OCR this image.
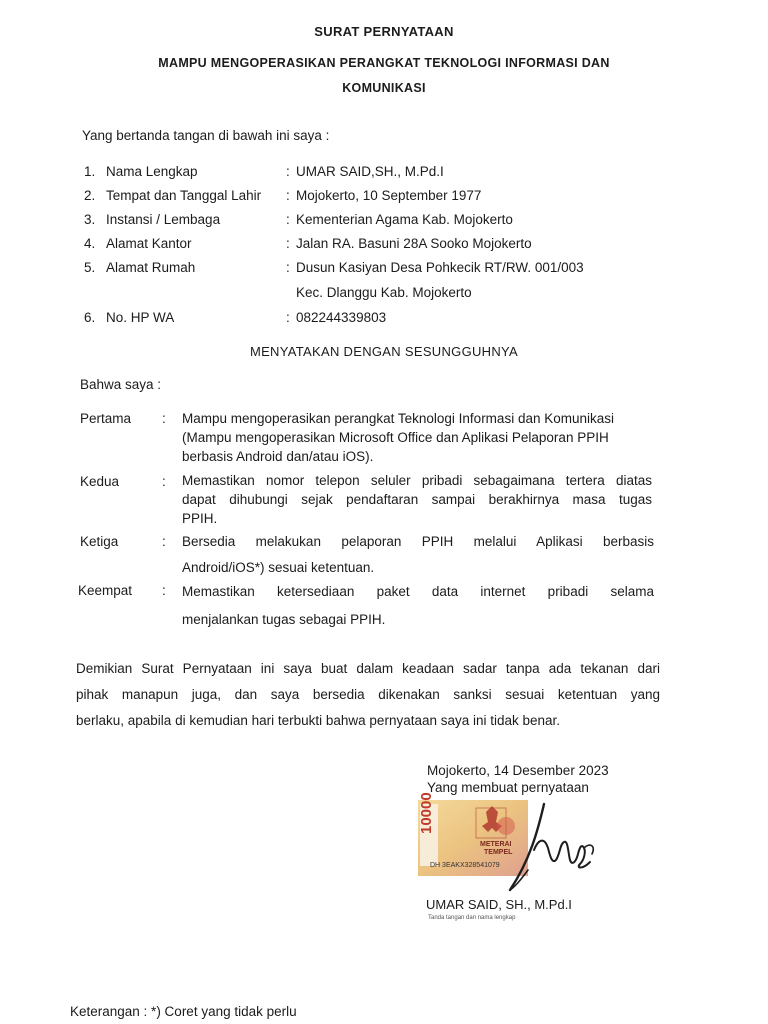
SURAT PERNYATAAN
MAMPU MENGOPERASIKAN PERANGKAT TEKNOLOGI INFORMASI DAN
KOMUNIKASI
Yang bertanda tangan di bawah ini saya :
1. Nama Lengkap	: UMAR SAID,SH., M.Pd.I
2. Tempat dan Tanggal Lahir : Mojokerto, 10 September 1977
3. Instansi / Lembaga	: Kementerian Agama Kab. Mojokerto
4. Alamat Kantor	: Jalan RA. Basuni 28A Sooko Mojokerto
5. Alamat Rumah	: Dusun Kasiyan Desa Pohkecik RT/RW. 001/003
Kec. Dlanggu Kab. Mojokerto
6. No. HP WA	: 082244339803
MENYATAKAN DENGAN SESUNGGUHNYA
Bahwa saya :
Pertama : Mampu mengoperasikan perangkat Teknologi Informasi dan Komunikasi
(Mampu mengoperasikan Microsoft Office dan Aplikasi Pelaporan PPIH
berbasis Android dan/atau iOS).
Kedua	: Memastikan nomor telepon seluler pribadi sebagaimana tertera diatas
dapat dihubungi sejak pendaftaran sampai berakhirnya masa tugas
PPIH.
Ketiga	: Bersedia melakukan pelaporan PPIH melalui Aplikasi berbasis
Android/iOS*) sesuai ketentuan.
Keempat : Memastikan ketersediaan paket data internet pribadi selama
menjalankan tugas sebagai PPIH.
Demikian Surat Pernyataan ini saya buat dalam keadaan sadar tanpa ada tekanan dari
pihak manapun juga, dan saya bersedia dikenakan sanksi sesuai ketentuan yang
berlaku, apabila di kemudian hari terbukti bahwa pernyataan saya ini tidak benar.
Mojokerto, 14 Desember 2023
Yang membuat pernyataan
10000
METERAI
TEMPEL
DH 3EAKX328541079
UMAR SAID, SH., M.Pd.I
Tanda tangan dan nama lengkap
Keterangan : *) Coret yang tidak perlu
